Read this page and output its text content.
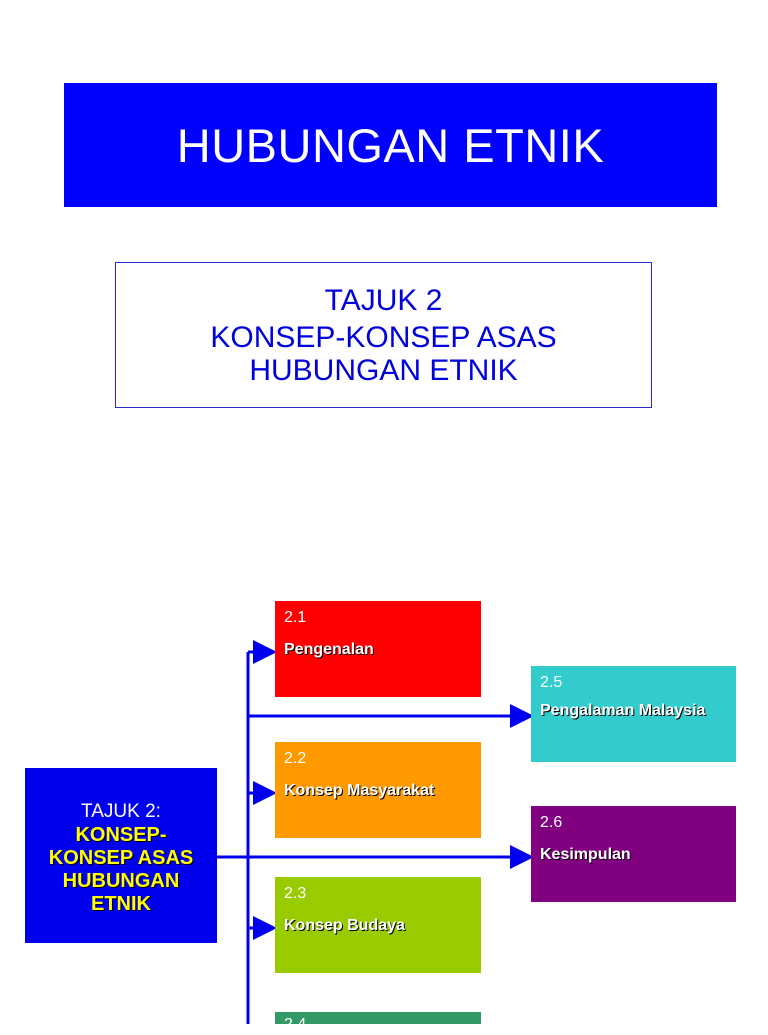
HUBUNGAN ETNIK
TAJUK 2
KONSEP-KONSEP ASAS
HUBUNGAN ETNIK
TAJUK 2:
KONSEP-
KONSEP ASAS
HUBUNGAN
ETNIK
2.1
Pengenalan
2.2
Konsep Masyarakat
2.3
Konsep Budaya
2.4
2.5
Pengalaman Malaysia
2.6
Kesimpulan
